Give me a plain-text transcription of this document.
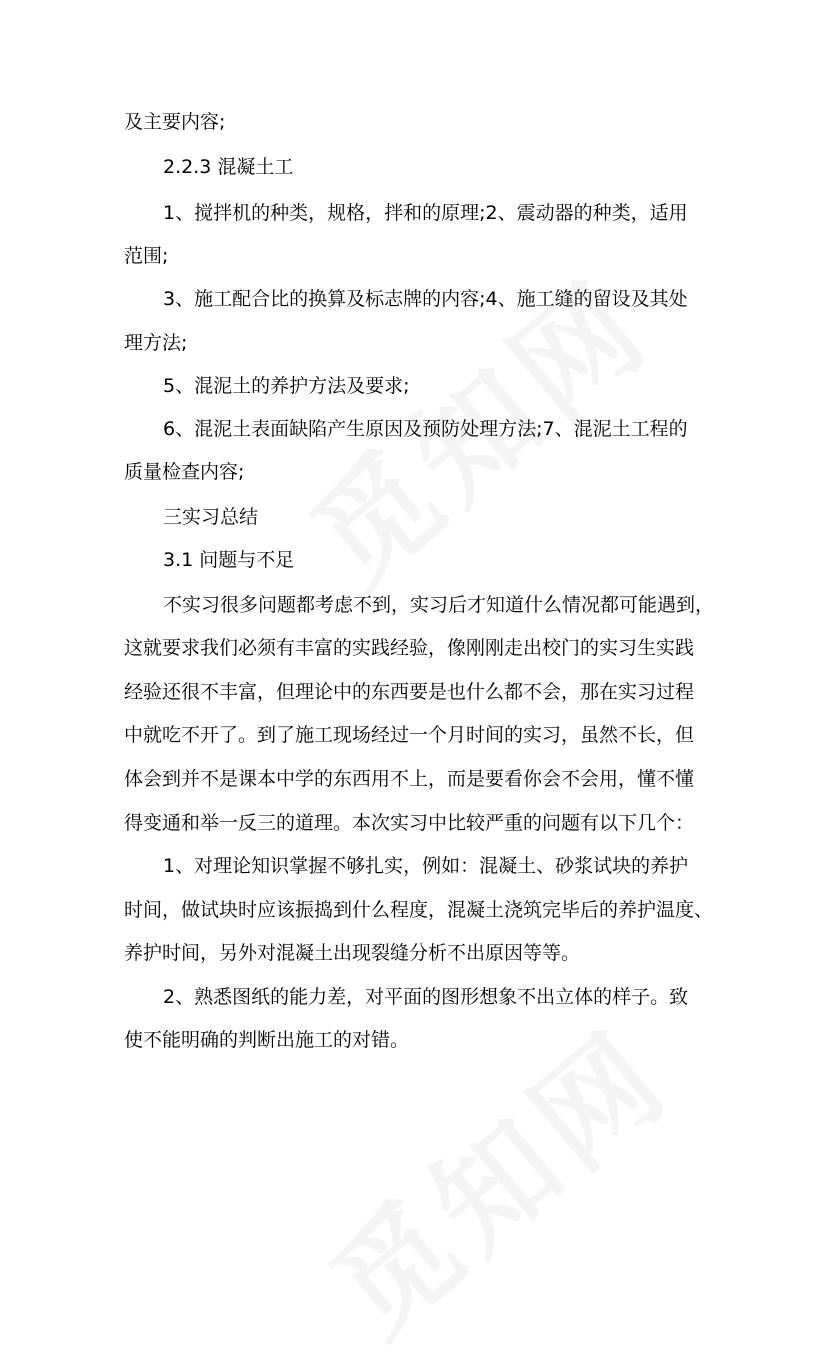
及主要内容;
2.2.3 混凝土工
1、搅拌机的种类，规格，拌和的原理;2、震动器的种类，适用
范围;
3、施工配合比的换算及标志牌的内容;4、施工缝的留设及其处
理方法;
5、混泥土的养护方法及要求;
6、混泥土表面缺陷产生原因及预防处理方法;7、混泥土工程的
质量检查内容;
三实习总结
3.1 问题与不足
不实习很多问题都考虑不到，实习后才知道什么情况都可能遇到，
这就要求我们必须有丰富的实践经验，像刚刚走出校门的实习生实践
经验还很不丰富，但理论中的东西要是也什么都不会，那在实习过程
中就吃不开了。到了施工现场经过一个月时间的实习，虽然不长，但
体会到并不是课本中学的东西用不上，而是要看你会不会用，懂不懂
得变通和举一反三的道理。本次实习中比较严重的问题有以下几个：
1、对理论知识掌握不够扎实，例如：混凝土、砂浆试块的养护
时间，做试块时应该振捣到什么程度，混凝土浇筑完毕后的养护温度、
养护时间，另外对混凝土出现裂缝分析不出原因等等。
2、熟悉图纸的能力差，对平面的图形想象不出立体的样子。致
使不能明确的判断出施工的对错。
